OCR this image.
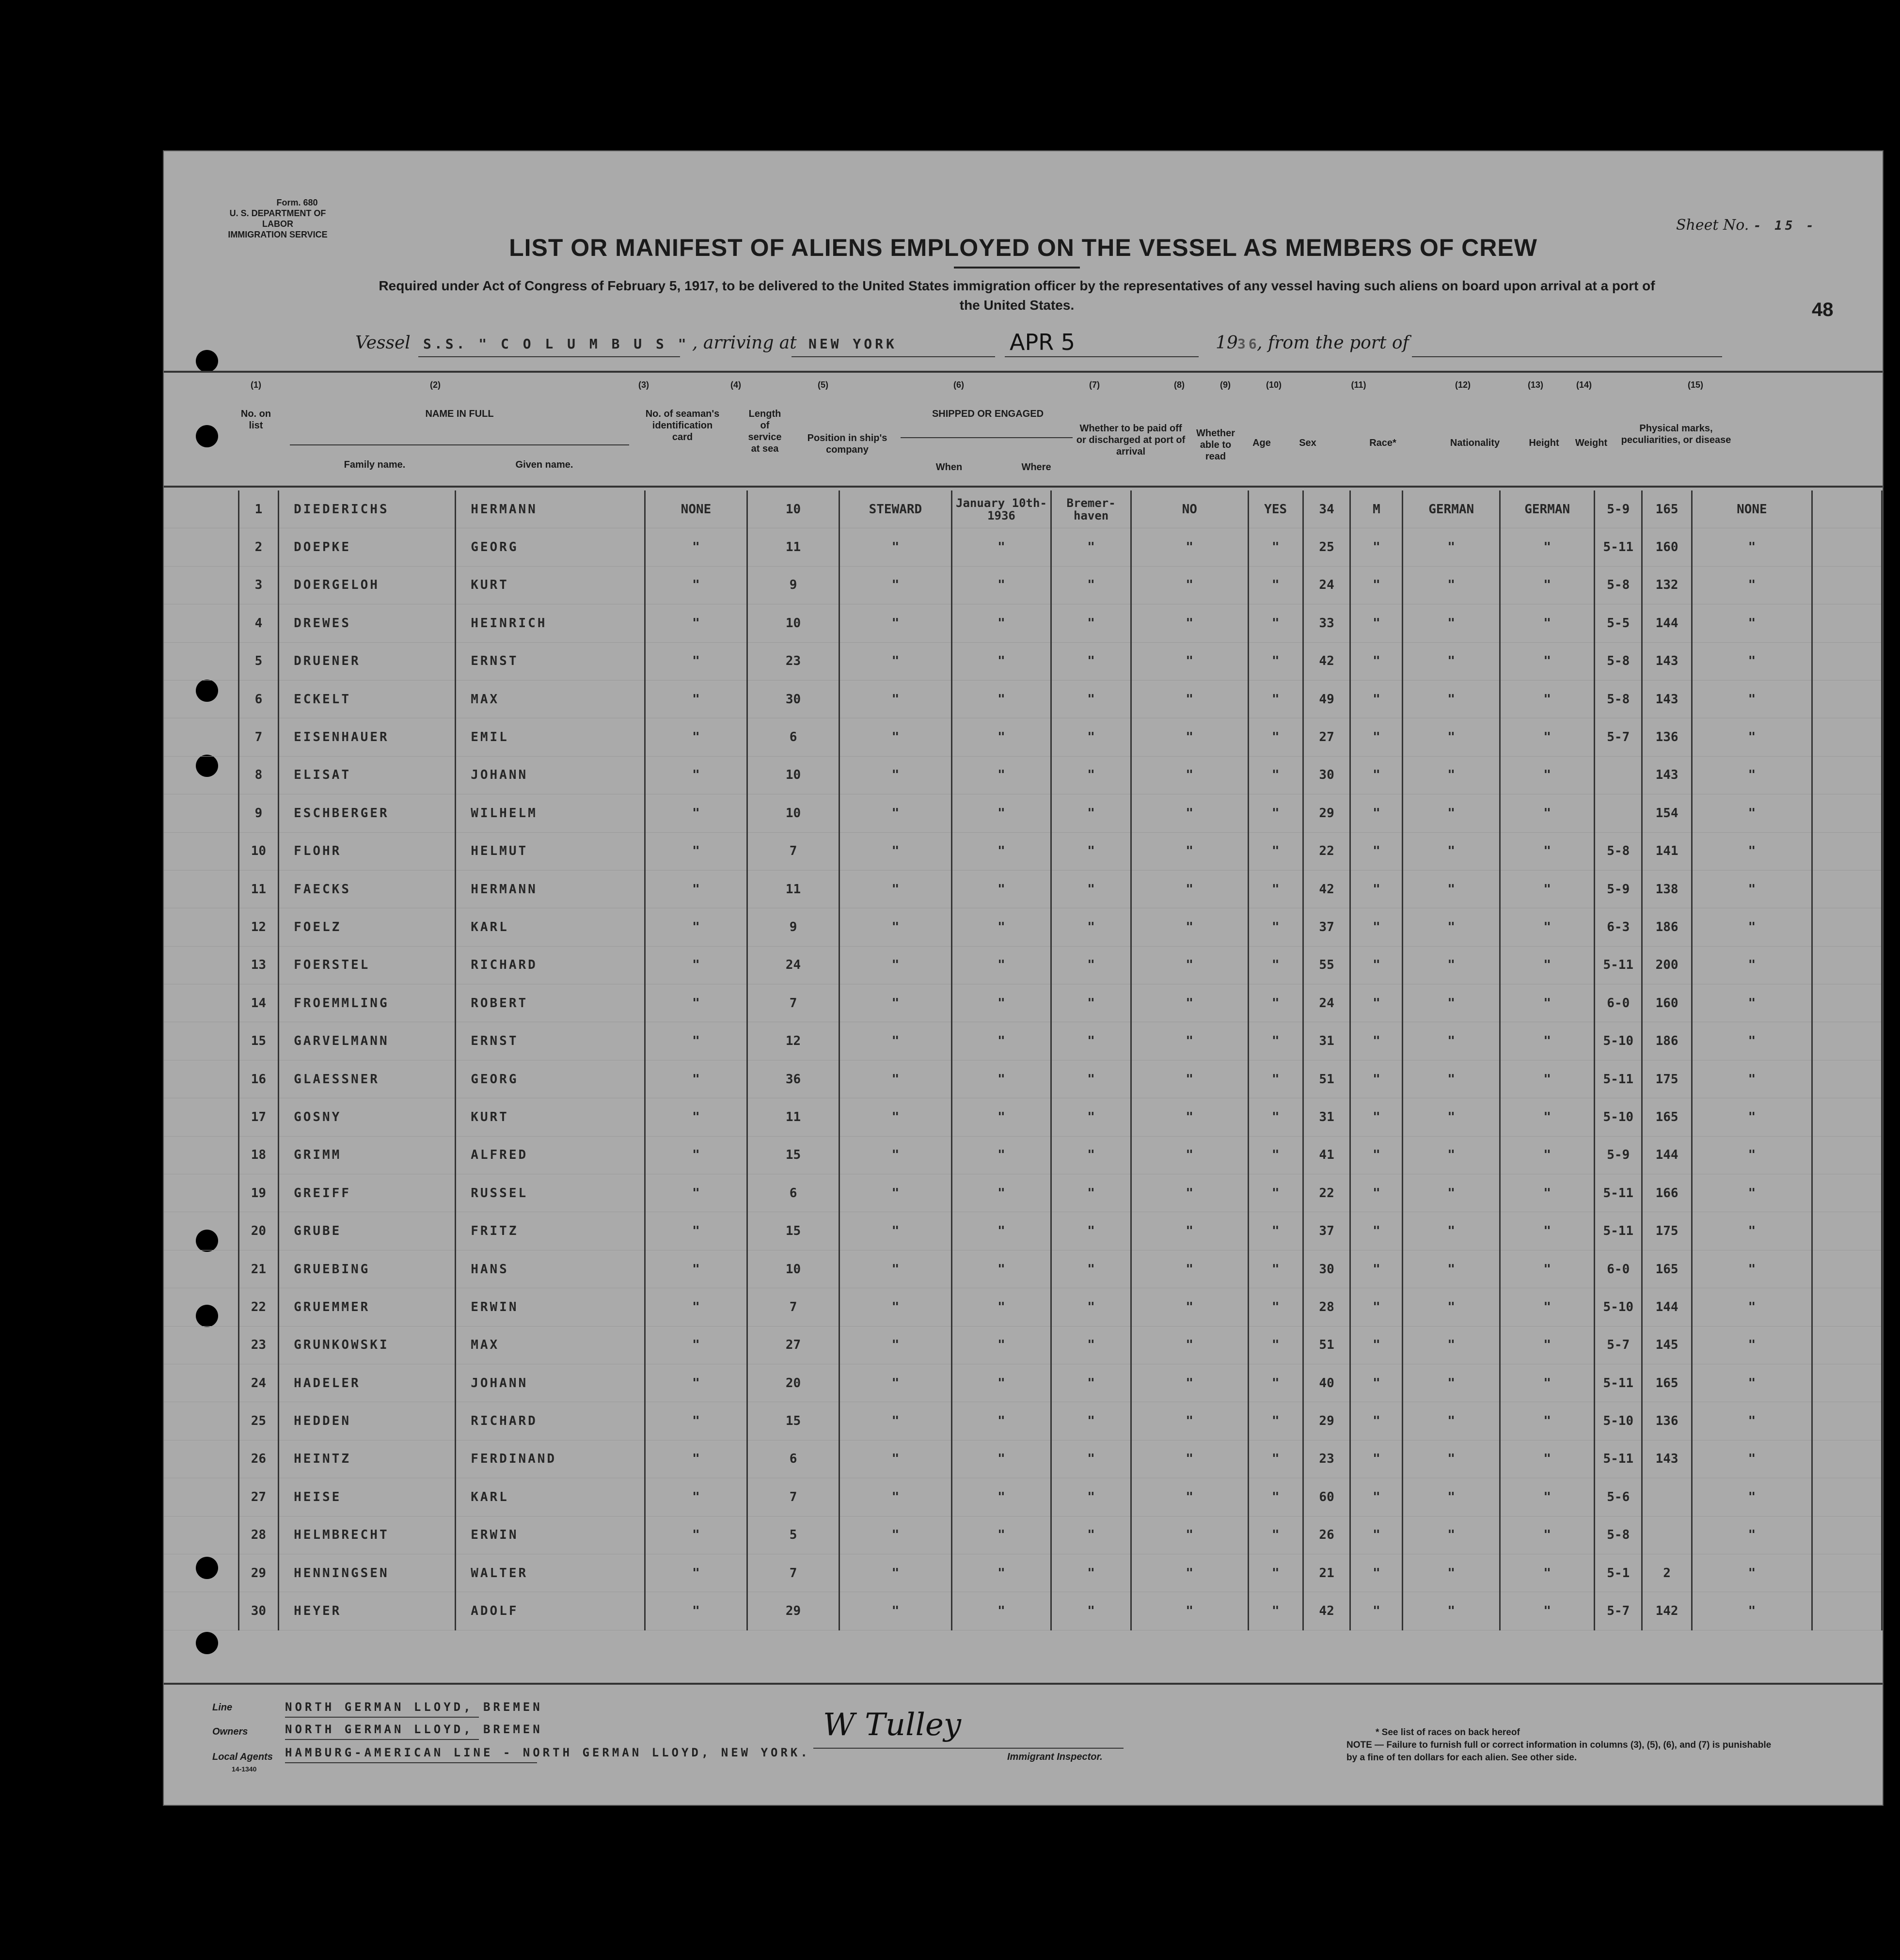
Form. 680
U. S. DEPARTMENT OF LABOR
IMMIGRATION SERVICE
Sheet No. - 15 -
48
LIST OR MANIFEST OF ALIENS EMPLOYED ON THE VESSEL AS MEMBERS OF CREW
Required under Act of Congress of February 5, 1917, to be delivered to the United States immigration officer by the representatives of any vessel having such aliens on board upon arrival at a port of the United States.
Vessel S.S. " C O L U M B U S " , arriving at NEW YORK	APR 5	19 36
, from the port of
(1)	(2)	(3)	(4)	(5)	(6)	(7)	(8)	(9)	(10)	(11)	(12)	(13)	(14)	(15)
No. on list
NAME IN FULL
Family name.	Given name.
No. of seaman's identification card
Length of service at sea
Position in ship's company
SHIPPED OR ENGAGED
When	Where
Whether to be paid off or discharged at port of arrival
Whether able to read
Age	Sex	Race*	Nationality	Height	Weight
Physical marks, peculiarities, or disease
	1	DIEDERICHS	HERMANN	NONE	10	STEWARD	January 10th-1936	Bremer- haven	NO	YES	34	M	GERMAN	GERMAN	5-9	165	NONE	
	2	DOEPKE	GEORG	"	11	"	"	"	"	"	25	"	"	"	5-11	160	"	
	3	DOERGELOH	KURT	"	9	"	"	"	"	"	24	"	"	"	5-8	132	"	
	4	DREWES	HEINRICH	"	10	"	"	"	"	"	33	"	"	"	5-5	144	"	
	5	DRUENER	ERNST	"	23	"	"	"	"	"	42	"	"	"	5-8	143	"	
	6	ECKELT	MAX	"	30	"	"	"	"	"	49	"	"	"	5-8	143	"	
	7	EISENHAUER	EMIL	"	6	"	"	"	"	"	27	"	"	"	5-7	136	"	
	8	ELISAT	JOHANN	"	10	"	"	"	"	"	30	"	"	"		143	"	
	9	ESCHBERGER	WILHELM	"	10	"	"	"	"	"	29	"	"	"		154	"	
	10	FLOHR	HELMUT	"	7	"	"	"	"	"	22	"	"	"	5-8	141	"	
	11	FAECKS	HERMANN	"	11	"	"	"	"	"	42	"	"	"	5-9	138	"	
	12	FOELZ	KARL	"	9	"	"	"	"	"	37	"	"	"	6-3	186	"	
	13	FOERSTEL	RICHARD	"	24	"	"	"	"	"	55	"	"	"	5-11	200	"	
	14	FROEMMLING	ROBERT	"	7	"	"	"	"	"	24	"	"	"	6-0	160	"	
	15	GARVELMANN	ERNST	"	12	"	"	"	"	"	31	"	"	"	5-10	186	"	
	16	GLAESSNER	GEORG	"	36	"	"	"	"	"	51	"	"	"	5-11	175	"	
	17	GOSNY	KURT	"	11	"	"	"	"	"	31	"	"	"	5-10	165	"	
	18	GRIMM	ALFRED	"	15	"	"	"	"	"	41	"	"	"	5-9	144	"	
	19	GREIFF	RUSSEL	"	6	"	"	"	"	"	22	"	"	"	5-11	166	"	
	20	GRUBE	FRITZ	"	15	"	"	"	"	"	37	"	"	"	5-11	175	"	
	21	GRUEBING	HANS	"	10	"	"	"	"	"	30	"	"	"	6-0	165	"	
	22	GRUEMMER	ERWIN	"	7	"	"	"	"	"	28	"	"	"	5-10	144	"	
	23	GRUNKOWSKI	MAX	"	27	"	"	"	"	"	51	"	"	"	5-7	145	"	
	24	HADELER	JOHANN	"	20	"	"	"	"	"	40	"	"	"	5-11	165	"	
	25	HEDDEN	RICHARD	"	15	"	"	"	"	"	29	"	"	"	5-10	136	"	
	26	HEINTZ	FERDINAND	"	6	"	"	"	"	"	23	"	"	"	5-11	143	"	
	27	HEISE	KARL	"	7	"	"	"	"	"	60	"	"	"	5-6		"	
	28	HELMBRECHT	ERWIN	"	5	"	"	"	"	"	26	"	"	"	5-8		"	
	29	HENNINGSEN	WALTER	"	7	"	"	"	"	"	21	"	"	"	5-1	2	"	
	30	HEYER	ADOLF	"	29	"	"	"	"	"	42	"	"	"	5-7	142	"	
Line	NORTH GERMAN LLOYD, BREMEN
Owners	NORTH GERMAN LLOYD, BREMEN
Local Agents HAMBURG-AMERICAN LINE - NORTH GERMAN LLOYD, NEW YORK.
14-1340
W Tulley
Immigrant Inspector.
* See list of races on back hereof
NOTE — Failure to furnish full or correct information in columns (3), (5), (6), and (7) is punishable by a fine of ten dollars for each alien. See other side.
